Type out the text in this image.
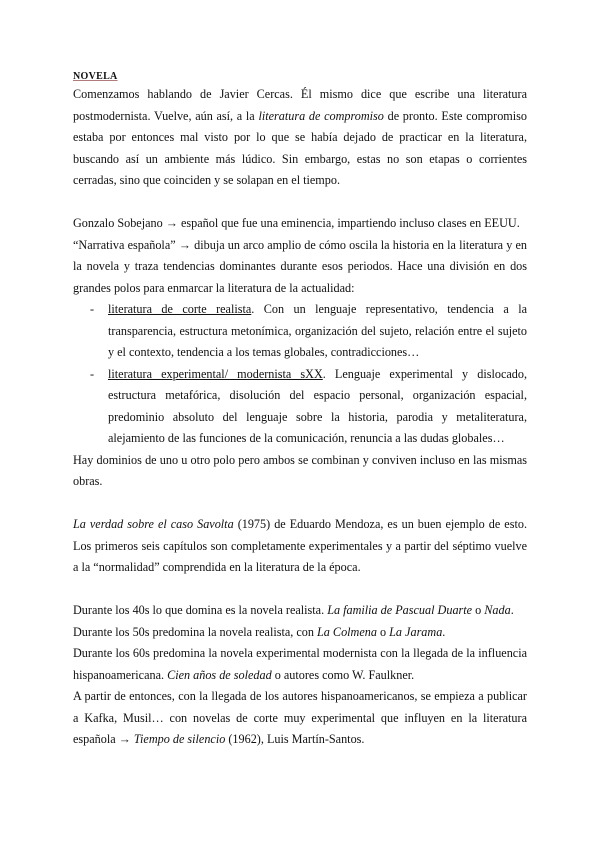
NOVELA

Comenzamos hablando de Javier Cercas. Él mismo dice que escribe una literatura postmodernista. Vuelve, aún así, a la literatura de compromiso de pronto. Este compromiso estaba por entonces mal visto por lo que se había dejado de practicar en la literatura, buscando así un ambiente más lúdico. Sin embargo, estas no son etapas o corrientes cerradas, sino que coinciden y se solapan en el tiempo.

Gonzalo Sobejano → español que fue una eminencia, impartiendo incluso clases en EEUU.

“Narrativa española” → dibuja un arco amplio de cómo oscila la historia en la literatura y en la novela y traza tendencias dominantes durante esos periodos. Hace una división en dos grandes polos para enmarcar la literatura de la actualidad:

- literatura de corte realista. Con un lenguaje representativo, tendencia a la transparencia, estructura metonímica, organización del sujeto, relación entre el sujeto y el contexto, tendencia a los temas globales, contradicciones…
- literatura experimental/ modernista sXX. Lenguaje experimental y dislocado, estructura metafórica, disolución del espacio personal, organización espacial, predominio absoluto del lenguaje sobre la historia, parodia y metaliteratura, alejamiento de las funciones de la comunicación, renuncia a las dudas globales…

Hay dominios de uno u otro polo pero ambos se combinan y conviven incluso en las mismas obras.

La verdad sobre el caso Savolta (1975) de Eduardo Mendoza, es un buen ejemplo de esto. Los primeros seis capítulos son completamente experimentales y a partir del séptimo vuelve a la “normalidad” comprendida en la literatura de la época.

Durante los 40s lo que domina es la novela realista. La familia de Pascual Duarte o Nada.

Durante los 50s predomina la novela realista, con La Colmena o La Jarama.

Durante los 60s predomina la novela experimental modernista con la llegada de la influencia hispanoamericana. Cien años de soledad o autores como W. Faulkner.

A partir de entonces, con la llegada de los autores hispanoamericanos, se empieza a publicar a Kafka, Musil… con novelas de corte muy experimental que influyen en la literatura española → Tiempo de silencio (1962), Luis Martín-Santos.
